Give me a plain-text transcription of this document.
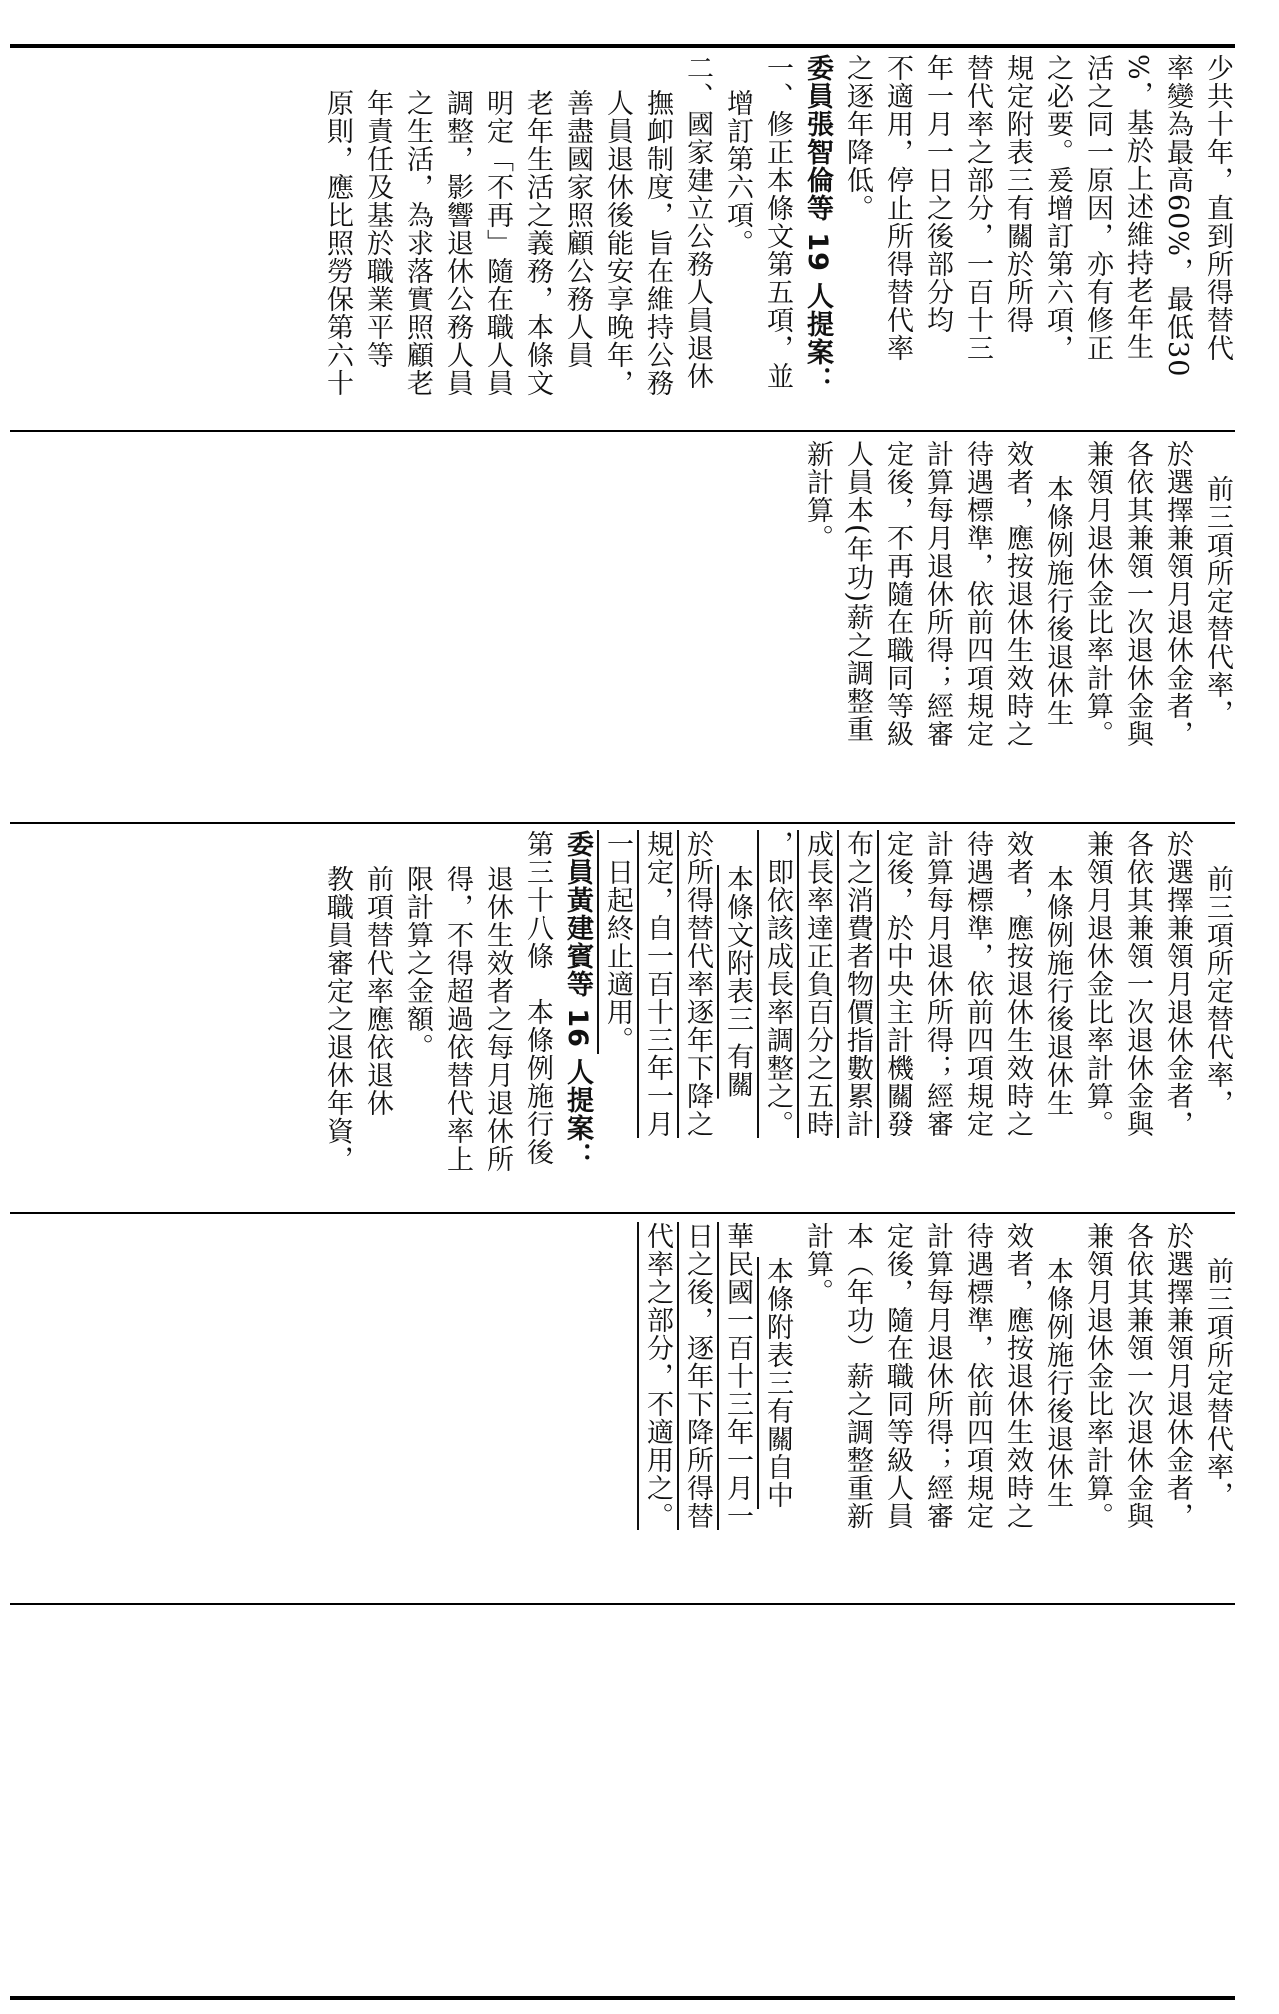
少共十年，直到所得替代
率變為最高60%，最低30
%，基於上述維持老年生
活之同一原因，亦有修正
之必要。爰增訂第六項，
規定附表三有關於所得
替代率之部分，一百十三
年一月一日之後部分均
不適用，停止所得替代率
之逐年降低。
委員張智倫等 19 人提案：
一、修正本條文第五項，並
增訂第六項。
二、國家建立公務人員退休
撫卹制度，旨在維持公務
人員退休後能安享晚年，
善盡國家照顧公務人員
老年生活之義務，本條文
明定「不再」隨在職人員
調整，影響退休公務人員
之生活，為求落實照顧老
年責任及基於職業平等
原則，應比照勞保第六十
前三項所定替代率，
於選擇兼領月退休金者，
各依其兼領一次退休金與
兼領月退休金比率計算。
本條例施行後退休生
效者，應按退休生效時之
待遇標準，依前四項規定
計算每月退休所得；經審
定後，不再隨在職同等級
人員本(年功)薪之調整重
新計算。
前三項所定替代率，
於選擇兼領月退休金者，
各依其兼領一次退休金與
兼領月退休金比率計算。
本條例施行後退休生
效者，應按退休生效時之
待遇標準，依前四項規定
計算每月退休所得；經審
定後，於中央主計機關發
布之消費者物價指數累計
成長率達正負百分之五時
，即依該成長率調整之。
本條文附表三 有關
於所得替代率逐年下降之
規定，自一百十三年一月
一日起終止適用。
委員黃建賓等 16 人提案：
第三十八條　本條例施行後
退休生效者之每月退休所
得，不得超過依替代率上
限計算之金額。
前項替代率應依退休
教職員審定之退休年資，
前三項所定替代率，
於選擇兼領月退休金者，
各依其兼領一次退休金與
兼領月退休金比率計算。
本條例施行後退休生
效者，應按退休生效時之
待遇標準，依前四項規定
計算每月退休所得；經審
定後，隨在職同等級人員
本（年功）薪之調整重新
計算。
本條附表三有關自中
華民國一百十三年一月一
日之後，逐年下降所得替
代率之部分，不適用之。
